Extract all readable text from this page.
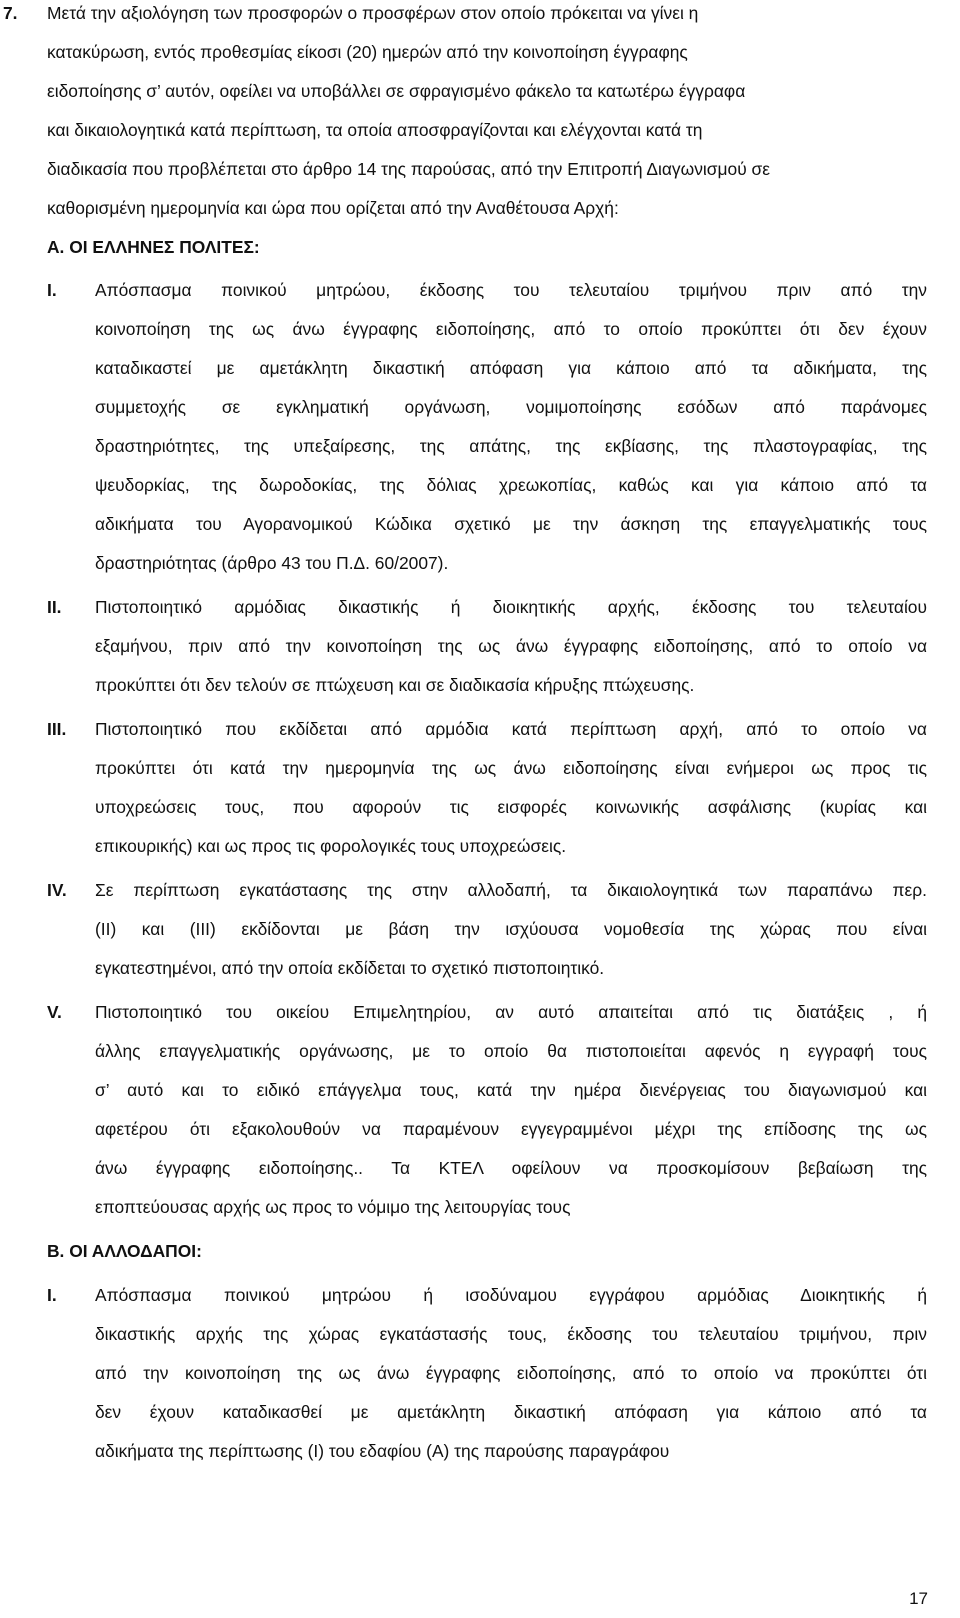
7. Μετά την αξιολόγηση των προσφορών ο προσφέρων στον οποίο πρόκειται να γίνει η
κατακύρωση, εντός προθεσμίας είκοσι (20) ημερών από την κοινοποίηση έγγραφης
ειδοποίησης σ’ αυτόν, οφείλει να υποβάλλει σε σφραγισμένο φάκελο τα κατωτέρω έγγραφα
και δικαιολογητικά κατά περίπτωση, τα οποία αποσφραγίζονται και ελέγχονται κατά τη
διαδικασία που προβλέπεται στο άρθρο 14 της παρούσας, από την Επιτροπή Διαγωνισμού σε
καθορισμένη ημερομηνία και ώρα που ορίζεται από την Αναθέτουσα Αρχή:
Α. ΟΙ ΕΛΛΗΝΕΣ ΠΟΛΙΤΕΣ:
I. Απόσπασμα ποινικού μητρώου, έκδοσης του τελευταίου τριμήνου πριν από την
κοινοποίηση της ως άνω έγγραφης ειδοποίησης, από το οποίο προκύπτει ότι δεν έχουν
καταδικαστεί με αμετάκλητη δικαστική απόφαση για κάποιο από τα αδικήματα, της
συμμετοχής σε εγκληματική οργάνωση, νομιμοποίησης εσόδων από παράνομες
δραστηριότητες, της υπεξαίρεσης, της απάτης, της εκβίασης, της πλαστογραφίας, της
ψευδορκίας, της δωροδοκίας, της δόλιας χρεωκοπίας, καθώς και για κάποιο από τα
αδικήματα του Αγορανομικού Κώδικα σχετικό με την άσκηση της επαγγελματικής τους
δραστηριότητας (άρθρο 43 του Π.Δ. 60/2007).
II. Πιστοποιητικό αρμόδιας δικαστικής ή διοικητικής αρχής, έκδοσης του τελευταίου
εξαμήνου, πριν από την κοινοποίηση της ως άνω έγγραφης ειδοποίησης, από το οποίο να
προκύπτει ότι δεν τελούν σε πτώχευση και σε διαδικασία κήρυξης πτώχευσης.
III. Πιστοποιητικό που εκδίδεται από αρμόδια κατά περίπτωση αρχή, από το οποίο να
προκύπτει ότι κατά την ημερομηνία της ως άνω ειδοποίησης είναι ενήμεροι ως προς τις
υποχρεώσεις τους, που αφορούν τις εισφορές κοινωνικής ασφάλισης (κυρίας και
επικουρικής) και ως προς τις φορολογικές τους υποχρεώσεις.
IV. Σε περίπτωση εγκατάστασης της στην αλλοδαπή, τα δικαιολογητικά των παραπάνω περ.
(ΙΙ) και (ΙΙΙ) εκδίδονται με βάση την ισχύουσα νομοθεσία της χώρας που είναι
εγκατεστημένοι, από την οποία εκδίδεται το σχετικό πιστοποιητικό.
V. Πιστοποιητικό του οικείου Επιμελητηρίου, αν αυτό απαιτείται από τις διατάξεις , ή
άλλης επαγγελματικής οργάνωσης, με το οποίο θα πιστοποιείται αφενός η εγγραφή τους
σ’ αυτό και το ειδικό επάγγελμα τους, κατά την ημέρα διενέργειας του διαγωνισμού και
αφετέρου ότι εξακολουθούν να παραμένουν εγγεγραμμένοι μέχρι της επίδοσης της ως
άνω έγγραφης ειδοποίησης.. Τα ΚΤΕΛ οφείλουν να προσκομίσουν βεβαίωση της
εποπτεύουσας αρχής ως προς το νόμιμο της λειτουργίας τους
Β. ΟΙ ΑΛΛΟΔΑΠΟΙ:
I. Απόσπασμα ποινικού μητρώου ή ισοδύναμου εγγράφου αρμόδιας Διοικητικής ή
δικαστικής αρχής της χώρας εγκατάστασής τους, έκδοσης του τελευταίου τριμήνου, πριν
από την κοινοποίηση της ως άνω έγγραφης ειδοποίησης, από το οποίο να προκύπτει ότι
δεν έχουν καταδικασθεί με αμετάκλητη δικαστική απόφαση για κάποιο από τα
αδικήματα της περίπτωσης (Ι) του εδαφίου (Α) της παρούσης παραγράφου
17
